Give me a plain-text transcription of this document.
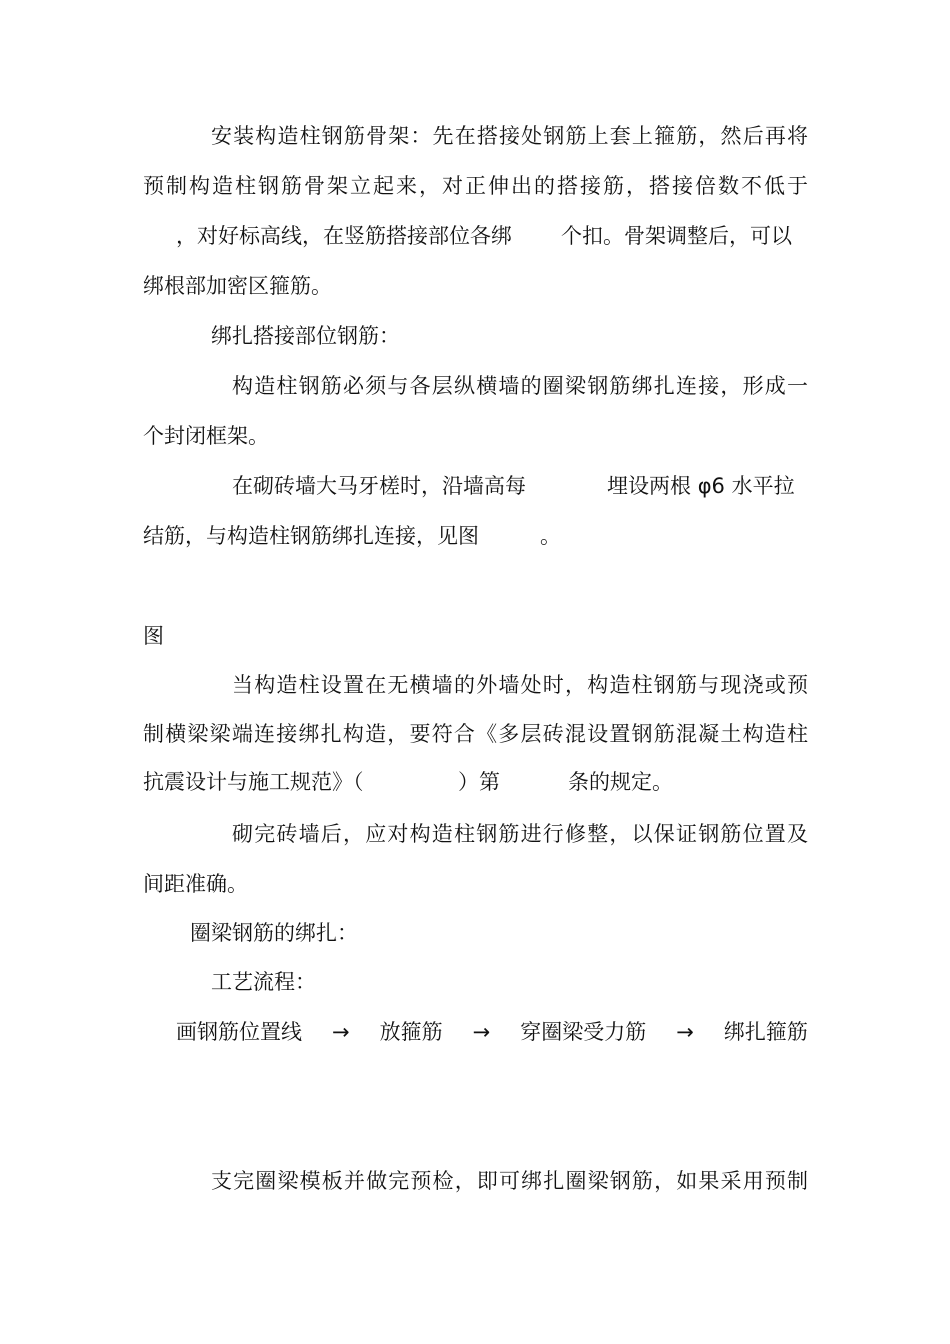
安装构造柱钢筋骨架：先在搭接处钢筋上套上箍筋，然后再将
预制构造柱钢筋骨架立起来，对正伸出的搭接筋，搭接倍数不低于
，对好标高线，在竖筋搭接部位各绑 个扣。骨架调整后，可以
绑根部加密区箍筋。
绑扎搭接部位钢筋：
构造柱钢筋必须与各层纵横墙的圈梁钢筋绑扎连接，形成一
个封闭框架。
在砌砖墙大马牙槎时，沿墙高每	埋设两根 φ6 水平拉
结筋，与构造柱钢筋绑扎连接，见图	。
图
当构造柱设置在无横墙的外墙处时，构造柱钢筋与现浇或预
制横梁梁端连接绑扎构造，要符合《多层砖混设置钢筋混凝土构造柱
抗震设计与施工规范》（	）第	条的规定。
砌完砖墙后，应对构造柱钢筋进行修整，以保证钢筋位置及
间距准确。
圈梁钢筋的绑扎：
工艺流程：
画钢筋位置线 → 放箍筋 → 穿圈梁受力筋 → 绑扎箍筋
支完圈梁模板并做完预检，即可绑扎圈梁钢筋，如果采用预制
